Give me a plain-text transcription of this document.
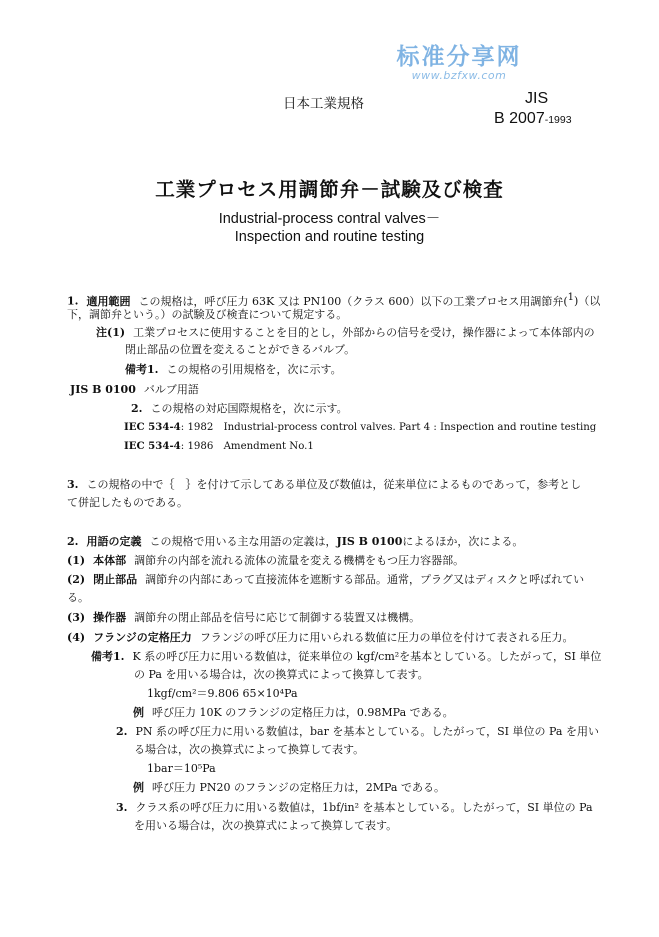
标准分享网
www.bzfxw.com
日本工業規格	JIS
B 2007-1993
工業プロセス用調節弁－試験及び検査
Industrial-process contral valves－
Inspection and routine testing
1. 適用範囲 この規格は，呼び圧力 63K 又は PN100（クラス 600）以下の工業プロセス用調節弁($^1$)（以
下，調節弁という。）の試験及び検査について規定する。
注(1) 工業プロセスに使用することを目的とし，外部からの信号を受け，操作器によって本体部内の
閉止部品の位置を変えることができるバルブ。
備考1. この規格の引用規格を，次に示す。
JIS B 0100 バルブ用語
2. この規格の対応国際規格を，次に示す。
IEC 534-4: 1982　Industrial-process control valves. Part 4 : Inspection and routine testing
IEC 534-4: 1986　Amendment No.1
3. この規格の中で｛　｝を付けて示してある単位及び数値は，従来単位によるものであって，参考とし
て併記したものである。
2. 用語の定義 この規格で用いる主な用語の定義は，JIS B 0100によるほか，次による。
(1) 本体部 調節弁の内部を流れる流体の流量を変える機構をもつ圧力容器部。
(2) 閉止部品 調節弁の内部にあって直接流体を遮断する部品。通常，プラグ又はディスクと呼ばれてい
る。
(3) 操作器 調節弁の閉止部品を信号に応じて制御する装置又は機構。
(4) フランジの定格圧力 フランジの呼び圧力に用いられる数値に圧力の単位を付けて表される圧力。
備考1. K 系の呼び圧力に用いる数値は，従来単位の kgf/cm²を基本としている。したがって，SI 単位
の Pa を用いる場合は，次の換算式によって換算して表す。
1kgf/cm²＝9.806 65×10⁴Pa
例 呼び圧力 10K のフランジの定格圧力は，0.98MPa である。
2. PN 系の呼び圧力に用いる数値は，bar を基本としている。したがって，SI 単位の Pa を用い
る場合は，次の換算式によって換算して表す。
1bar＝10⁵Pa
例 呼び圧力 PN20 のフランジの定格圧力は，2MPa である。
3. クラス系の呼び圧力に用いる数値は，1bf/in² を基本としている。したがって，SI 単位の Pa
を用いる場合は，次の換算式によって換算して表す。
